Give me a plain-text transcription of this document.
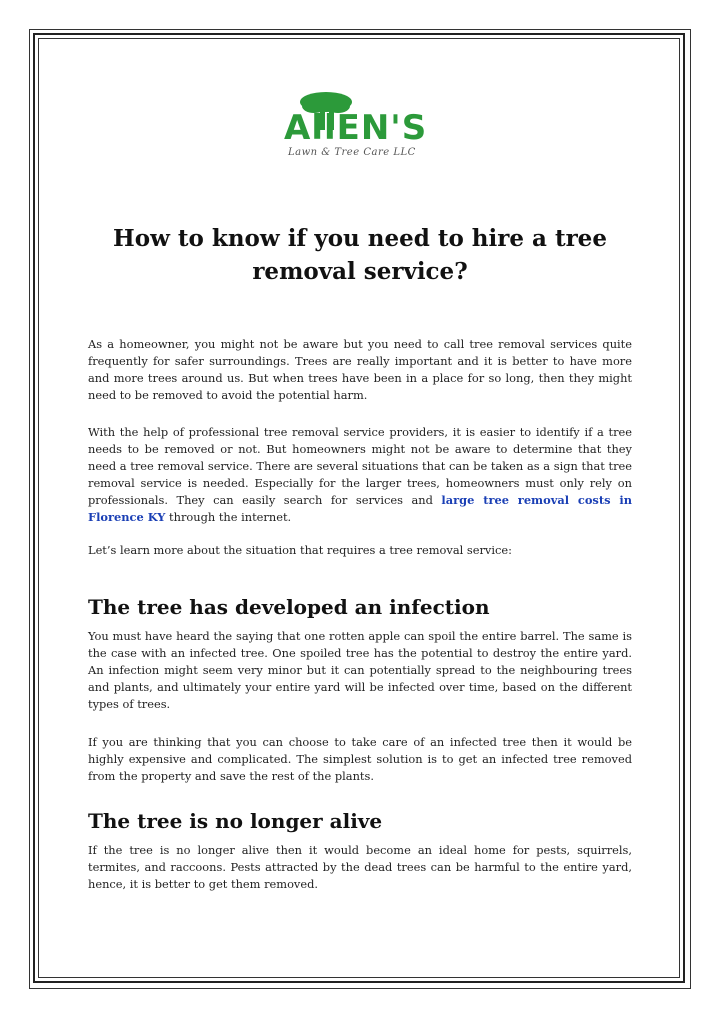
AllEN'S
Lawn & Tree Care LLC
How to know if you need to hire a tree removal service?

As a homeowner, you might not be aware but you need to call tree removal services quite frequently for safer surroundings. Trees are really important and it is better to have more and more trees around us. But when trees have been in a place for so long, then they might need to be removed to avoid the potential harm.

With the help of professional tree removal service providers, it is easier to identify if a tree needs to be removed or not. But homeowners might not be aware to determine that they need a tree removal service. There are several situations that can be taken as a sign that tree removal service is needed. Especially for the larger trees, homeowners must only rely on professionals. They can easily search for services and large tree removal costs in Florence KY through the internet.

Let’s learn more about the situation that requires a tree removal service:

The tree has developed an infection

You must have heard the saying that one rotten apple can spoil the entire barrel. The same is the case with an infected tree. One spoiled tree has the potential to destroy the entire yard. An infection might seem very minor but it can potentially spread to the neighbouring trees and plants, and ultimately your entire yard will be infected over time, based on the different types of trees.

If you are thinking that you can choose to take care of an infected tree then it would be highly expensive and complicated. The simplest solution is to get an infected tree removed from the property and save the rest of the plants.

The tree is no longer alive

If the tree is no longer alive then it would become an ideal home for pests, squirrels, termites, and raccoons. Pests attracted by the dead trees can be harmful to the entire yard, hence, it is better to get them removed.
